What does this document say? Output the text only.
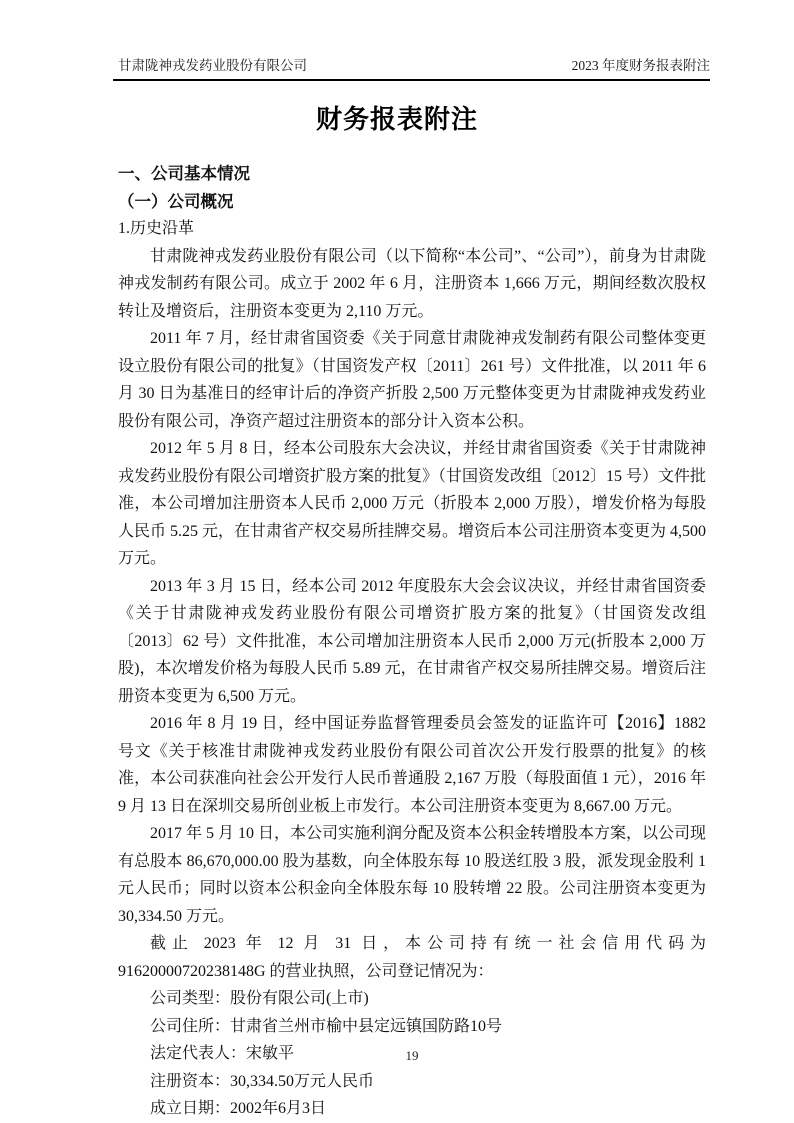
甘肃陇神戎发药业股份有限公司	2023 年度财务报表附注
财务报表附注
一、公司基本情况
（一）公司概况
1.历史沿革

甘肃陇神戎发药业股份有限公司（以下简称“本公司”、“公司”），前身为甘肃陇神戎发制药有限公司。成立于 2002 年 6 月，注册资本 1,666 万元，期间经数次股权转让及增资后，注册资本变更为 2,110 万元。

2011 年 7 月，经甘肃省国资委《关于同意甘肃陇神戎发制药有限公司整体变更设立股份有限公司的批复》（甘国资发产权〔2011〕261 号）文件批准，以 2011 年 6 月 30 日为基准日的经审计后的净资产折股 2,500 万元整体变更为甘肃陇神戎发药业股份有限公司，净资产超过注册资本的部分计入资本公积。

2012 年 5 月 8 日，经本公司股东大会决议，并经甘肃省国资委《关于甘肃陇神戎发药业股份有限公司增资扩股方案的批复》（甘国资发改组〔2012〕15 号）文件批准，本公司增加注册资本人民币 2,000 万元（折股本 2,000 万股），增发价格为每股人民币 5.25 元，在甘肃省产权交易所挂牌交易。增资后本公司注册资本变更为 4,500 万元。

2013 年 3 月 15 日，经本公司 2012 年度股东大会会议决议，并经甘肃省国资委《关于甘肃陇神戎发药业股份有限公司增资扩股方案的批复》（甘国资发改组〔2013〕62 号）文件批准，本公司增加注册资本人民币 2,000 万元(折股本 2,000 万股)，本次增发价格为每股人民币 5.89 元，在甘肃省产权交易所挂牌交易。增资后注册资本变更为 6,500 万元。

2016 年 8 月 19 日，经中国证券监督管理委员会签发的证监许可【2016】1882 号文《关于核准甘肃陇神戎发药业股份有限公司首次公开发行股票的批复》的核准，本公司获准向社会公开发行人民币普通股 2,167 万股（每股面值 1 元），2016 年 9 月 13 日在深圳交易所创业板上市发行。本公司注册资本变更为 8,667.00 万元。

2017 年 5 月 10 日，本公司实施利润分配及资本公积金转增股本方案，以公司现有总股本 86,670,000.00 股为基数，向全体股东每 10 股送红股 3 股，派发现金股利 1 元人民币；同时以资本公积金向全体股东每 10 股转增 22 股。公司注册资本变更为 30,334.50 万元。

截止 2023 年 12 月 31 日，本公司持有统一社会信用代码为 91620000720238148G 的营业执照，公司登记情况为：

公司类型：股份有限公司(上市)

公司住所：甘肃省兰州市榆中县定远镇国防路10号

法定代表人：宋敏平

注册资本：30,334.50万元人民币

成立日期：2002年6月3日

19
